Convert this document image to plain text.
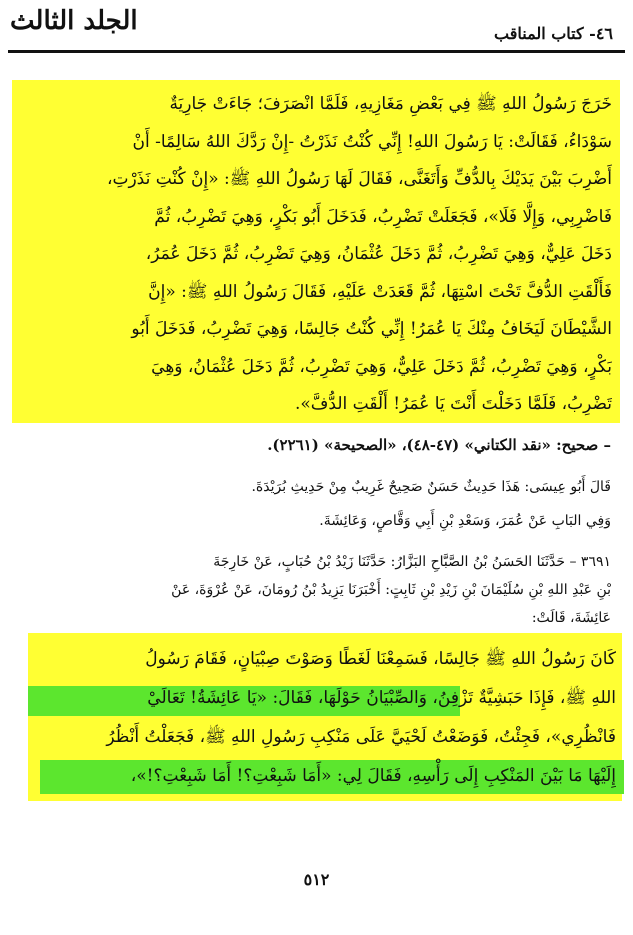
الجلد الثالث	٤٦- كتاب المناقب
خَرَجَ رَسُولُ اللهِ ﷺ فِي بَعْضِ مَغَازِيهِ، فَلَمَّا انْصَرَفَ؛ جَاءَتْ جَارِيَةٌ
سَوْدَاءُ، فَقَالَتْ: يَا رَسُولَ اللهِ! إِنِّي كُنْتُ نَذَرْتُ -إِنْ رَدَّكَ اللهُ سَالِمًا- أَنْ
أَضْرِبَ بَيْنَ يَدَيْكَ بِالدُّفِّ وَأَتَغَنَّى، فَقَالَ لَهَا رَسُولُ اللهِ ﷺ: «إِنْ كُنْتِ نَذَرْتِ،
فَاضْرِبِي، وَإِلَّا فَلَا»، فَجَعَلَتْ تَضْرِبُ، فَدَخَلَ أَبُو بَكْرٍ، وَهِيَ تَضْرِبُ، ثُمَّ
دَخَلَ عَلِيٌّ، وَهِيَ تَضْرِبُ، ثُمَّ دَخَلَ عُثْمَانُ، وَهِيَ تَضْرِبُ، ثُمَّ دَخَلَ عُمَرُ،
فَأَلْقَتِ الدُّفَّ تَحْتَ اسْتِهَا، ثُمَّ قَعَدَتْ عَلَيْهِ، فَقَالَ رَسُولُ اللهِ ﷺ: «إِنَّ
الشَّيْطَانَ لَيَخَافُ مِنْكَ يَا عُمَرُ! إِنِّي كُنْتُ جَالِسًا، وَهِيَ تَضْرِبُ، فَدَخَلَ أَبُو
بَكْرٍ، وَهِيَ تَضْرِبُ، ثُمَّ دَخَلَ عَلِيٌّ، وَهِيَ تَضْرِبُ، ثُمَّ دَخَلَ عُثْمَانُ، وَهِيَ
تَضْرِبُ، فَلَمَّا دَخَلْتَ أَنْتَ يَا عُمَرُ! أَلْقَتِ الدُّفَّ».
– صحيح: «نقد الكتاني» (٤٧-٤٨)، «الصحيحة» (٢٢٦١).
قَالَ أَبُو عِيسَى: هَذَا حَدِيثٌ حَسَنٌ صَحِيحٌ غَرِيبٌ مِنْ حَدِيثِ بُرَيْدَةَ.
وَفِي البَابِ عَنْ عُمَرَ، وَسَعْدِ بْنِ أَبِي وَقَّاصٍ، وَعَائِشَةَ.
٣٦٩١ – حَدَّثَنَا الحَسَنُ بْنُ الصَّبَّاحِ البَزَّارُ: حَدَّثَنَا زَيْدُ بْنُ حُبَابٍ، عَنْ خَارِجَةَ
بْنِ عَبْدِ اللهِ بْنِ سُلَيْمَانَ بْنِ زَيْدِ بْنِ ثَابِتٍ: أَخْبَرَنَا يَزِيدُ بْنُ رُومَانَ، عَنْ عُرْوَةَ، عَنْ
عَائِشَةَ، قَالَتْ:
كَانَ رَسُولُ اللهِ ﷺ جَالِسًا، فَسَمِعْنَا لَغَطًا وَصَوْتَ صِبْيَانٍ، فَقَامَ رَسُولُ
اللهِ ﷺ، فَإِذَا حَبَشِيَّةٌ تَزْفِنُ، وَالصِّبْيَانُ حَوْلَهَا، فَقَالَ: «يَا عَائِشَةُ! تَعَالَيْ
فَانْظُرِي»، فَجِئْتُ، فَوَضَعْتُ لَحْيَيَّ عَلَى مَنْكِبِ رَسُولِ اللهِ ﷺ، فَجَعَلْتُ أَنْظُرُ
إِلَيْهَا مَا بَيْنَ المَنْكِبِ إِلَى رَأْسِهِ، فَقَالَ لِي: «أَمَا شَبِعْتِ؟! أَمَا شَبِعْتِ؟!»،
٥١٢
